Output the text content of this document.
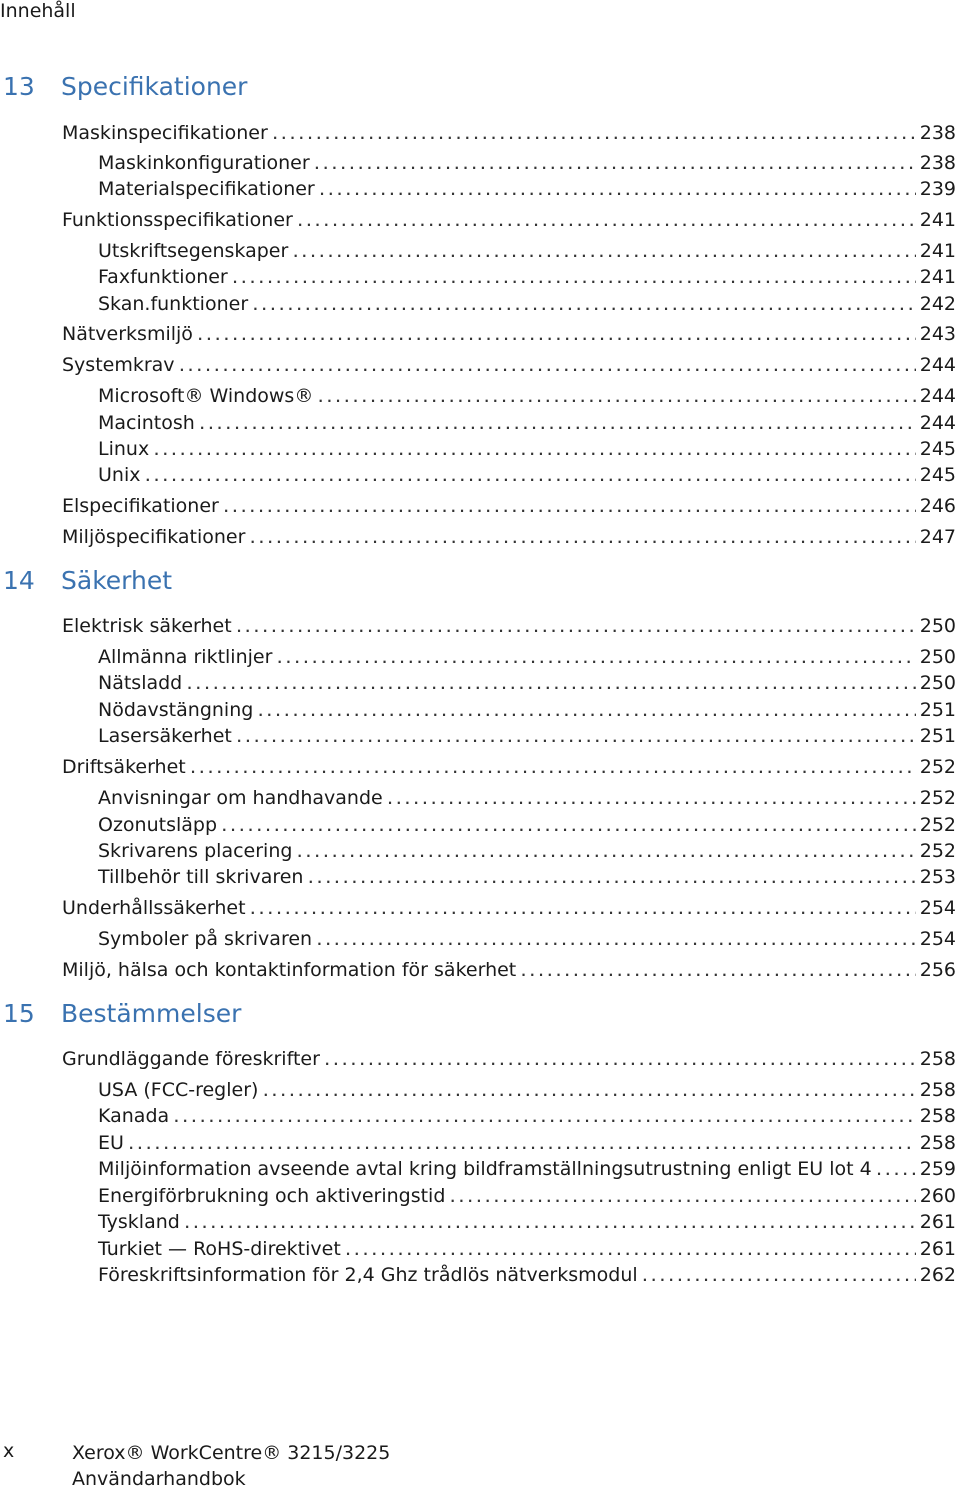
Innehåll
13	Specifikationer
Maskinspecifikationer . . .	238
Maskinkonfigurationer . . .	238
Materialspecifikationer . . .	239
Funktionsspecifikationer . . .	241
Utskriftsegenskaper . . .	241
Faxfunktioner . . .	241
Skan.funktioner . . .	242
Nätverksmiljö . . .	243
Systemkrav . . .	244
Microsoft® Windows® . . .	244
Macintosh . . .	244
Linux . . .	245
Unix . . .	245
Elspecifikationer . . .	246
Miljöspecifikationer . . .	247
14	Säkerhet
Elektrisk säkerhet . . .	250
Allmänna riktlinjer . . .	250
Nätsladd . . .	250
Nödavstängning . . .	251
Lasersäkerhet . . .	251
Driftsäkerhet . . .	252
Anvisningar om handhavande . . .	252
Ozonutsläpp . . .	252
Skrivarens placering . . .	252
Tillbehör till skrivaren . . .	253
Underhållssäkerhet . . .	254
Symboler på skrivaren . . .	254
Miljö, hälsa och kontaktinformation för säkerhet . . .	256
15	Bestämmelser
Grundläggande föreskrifter . . .	258
USA (FCC-regler) . . .	258
Kanada . . .	258
EU . . .	258
Miljöinformation avseende avtal kring bildframställningsutrustning enligt EU lot 4 . . .	259
Energiförbrukning och aktiveringstid . . .	260
Tyskland . . .	261
Turkiet — RoHS-direktivet . . .	261
Föreskriftsinformation för 2,4 Ghz trådlös nätverksmodul . . .	262
x	Xerox® WorkCentre® 3215/3225
Användarhandbok
